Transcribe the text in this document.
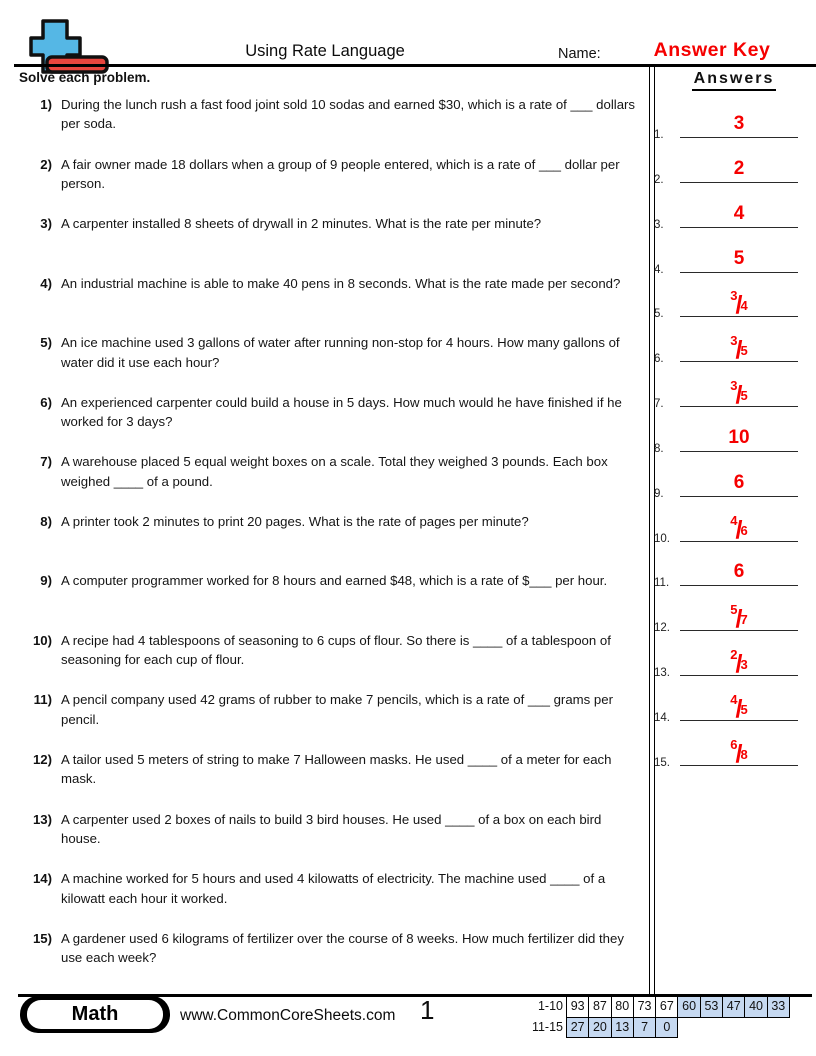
Using Rate Language	Name:	Answer Key
Solve each problem.
1) During the lunch rush a fast food joint sold 10 sodas and earned $30, which is a rate of ___ dollars per soda.
2) A fair owner made 18 dollars when a group of 9 people entered, which is a rate of ___ dollar per person.
3) A carpenter installed 8 sheets of drywall in 2 minutes. What is the rate per minute?
4) An industrial machine is able to make 40 pens in 8 seconds. What is the rate made per second?
5) An ice machine used 3 gallons of water after running non-stop for 4 hours. How many gallons of water did it use each hour?
6) An experienced carpenter could build a house in 5 days. How much would he have finished if he worked for 3 days?
7) A warehouse placed 5 equal weight boxes on a scale. Total they weighed 3 pounds. Each box weighed ____ of a pound.
8) A printer took 2 minutes to print 20 pages. What is the rate of pages per minute?
9) A computer programmer worked for 8 hours and earned $48, which is a rate of $___ per hour.
10) A recipe had 4 tablespoons of seasoning to 6 cups of flour. So there is ____ of a tablespoon of seasoning for each cup of flour.
11) A pencil company used 42 grams of rubber to make 7 pencils, which is a rate of ___ grams per pencil.
12) A tailor used 5 meters of string to make 7 Halloween masks. He used ____ of a meter for each mask.
13) A carpenter used 2 boxes of nails to build 3 bird houses. He used ____ of a box on each bird house.
14) A machine worked for 5 hours and used 4 kilowatts of electricity. The machine used ____ of a kilowatt each hour it worked.
15) A gardener used 6 kilograms of fertilizer over the course of 8 weeks. How much fertilizer did they use each week?
Answers
1.
3
2.
2
3.
4
4.
5
5.
$^3$/4
6.
$^3$/5
7.
$^3$/5
8.
10
9.
6
10.
$^4$/6
11.
6
12.
$^5$/7
13.
$^2$/3
14.
$^4$/5
15.
$^6$/8
Math	www.CommonCoreSheets.com 1	1-10 93 87 80 73 67 60 53 47 40 33
11-15 27 20 13 7	0
